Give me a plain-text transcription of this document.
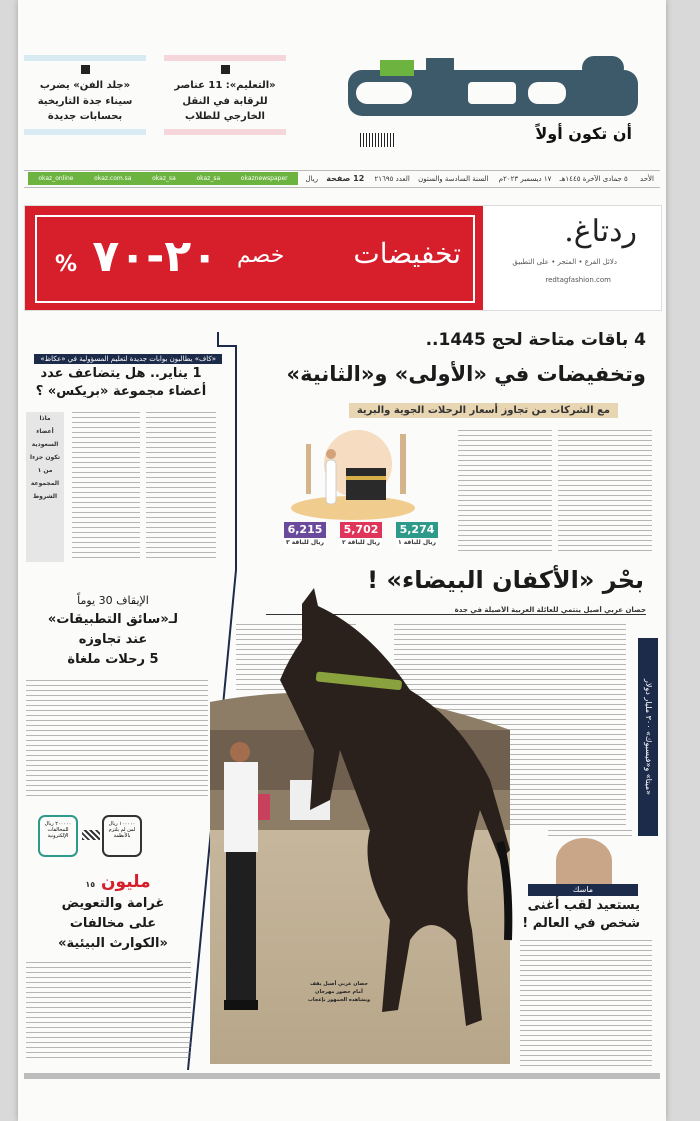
أن تكون أولاً
«التعليم»: 11 عناصر
للرقابة في النقل
الخارجي للطلاب
«جلد الفن» يضرب
سيناء جدة التاريخية
بحسابات جديدة
الأحد ٥ جمادى الآخرة ١٤٤٥هـ ١٧ ديسمبر ٢٠٢٣م السنة السادسة والستون العدد ٢١٦٩٥ 12 صفحة ريال
okaz_online	okaz.com.sa	okaz_sa	okaz_sa	okaznewspaper
ردتاغ.
دلائل الفرع • المتجر • على التطبيق
redtagfashion.com
تخفيضات
خصم
% ٢٠-٧٠
4 باقات متاحة لحج 1445..
وتخفيضات في «الأولى» و«الثانية»
مع الشركات من تجاوز أسعار الرحلات الجوية والبرية
5,274
ريال للباقة ١
5,702
ريال للباقة ٢
6,215
ريال للباقة ٣
«كاف» يطالبون بوابات جديدة لتعليم المسؤولية في «عكاظ»
1 يناير.. هل يتضاعف عدد
أعضاء مجموعة «بريكس» ؟
ماذا
أعضاء
السعودية
تكون جزءا
من ١
المجموعة
الشروط
الإيقاف 30 يوماً
لـ«سائق التطبيقات»
عند تجاوزه
5 رحلات ملغاة
١٠٠٠٠٠ ريال لمن لم يلتزم بالأنظمة
٢٠٠٠٠٠ ريال للمخالفات الإلكترونية
مليون ١٥
غرامة والتعويض
على مخالفات
«الكوارث البيئية»
بحْر «الأكفان البيضاء» !
حصان عربي أصيل ينتمي للعائلة العربية الأصيلة في جدة
حصان عربي أصيل يقف أمام حضور مهرجان ويشاهده الجمهور بإعجاب
«ميتا» و«فيسبوك» ٣٠٠ مليار دولار
ماسك
يستعيد لقب أغنى
شخص في العالم !
